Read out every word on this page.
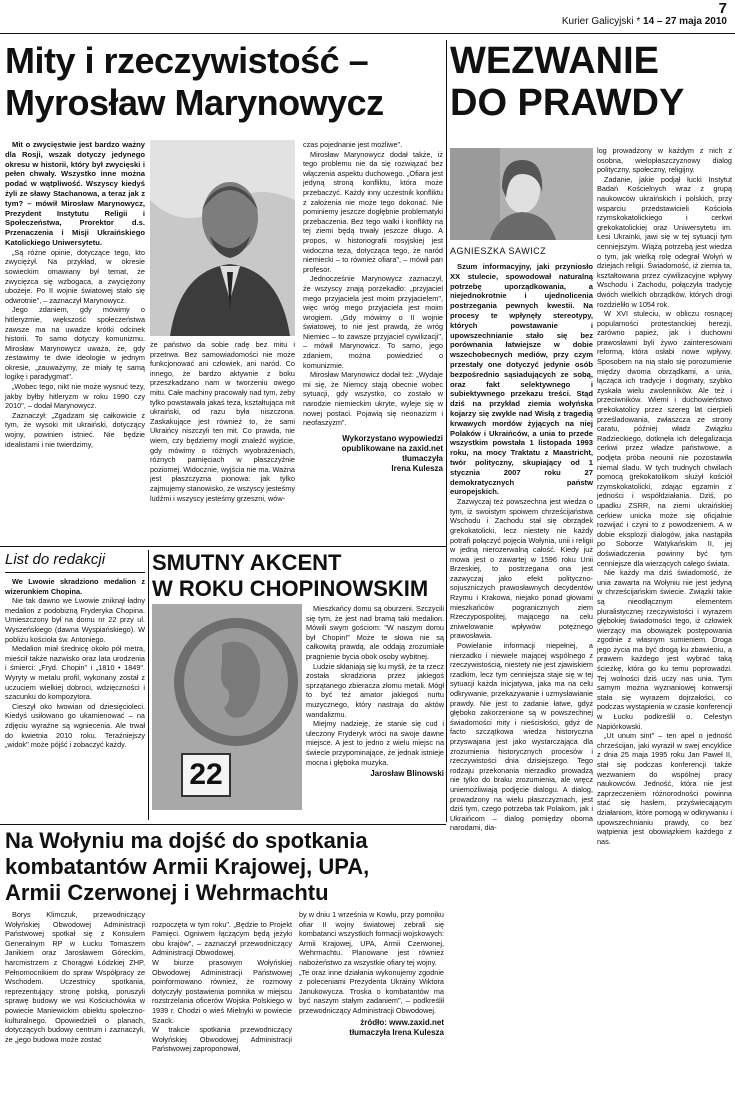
7
Kurier Galicyjski * 14 – 27 maja 2010
Mity i rzeczywistość – Myrosław Marynowycz
Mit o zwycięstwie jest bardzo ważny dla Rosji, wszak dotyczy jedynego okresu w historii, który był zwycięski i pełen chwały. Wszystko inne można podać w wątpliwość. Wszyscy kiedyś żyli ze sławy Stachanowa, a teraz jak z tym? – mówił Mirosław Marynowycz, Prezydent Instytutu Religii i Społeczeństwa, Prorektor d.s. Przenaczenia i Misji Ukraińskiego Katolickiego Uniwersytetu.

„Są różne opinie, dotyczące tego, kto zwyciężył. Na przykład, w okresie sowieckim omawiany był temat, że zwycięzca się wzbogaca, a zwyciężony ubożeje. Po II wojnie światowej stało się odwrotnie", – zaznaczył Marynowycz.

Jego zdaniem, gdy mówimy o hitleryzmie, większość społeczeństwa zawsze ma na uwadze krótki odcinek historii. To samo dotyczy komunizmu. Mirosław Marynowycz uważa, że, gdy zestawimy te dwie ideologie w jednym okresie, „zauważymy, że miały tę samą logikę i paradygmat".

„Wobec tego, nikt nie może wysnuć tezy, jakby byłby hitleryzm w roku 1990 czy 2010", – dodał Marynowycz.

Zaznaczył: „Zgadzam się całkowicie z tym, że wysoki mit ukraiński, dotyczący wojny, powinien istnieć. Nie będzie idealistami i nie twierdzimy,

że państwo da sobie radę bez mitu i przetrwa. Bez samowiadomości nie może funkcjonować ani człowiek, ani naród. Co innego, że bardzo aktywnie z boku przeszkadzano nam w tworzeniu owego mitu. Całe machiny pracowały nad tym, żeby tylko powstawała jakaś teza, kształtująca mit ukraiński, od razu była niszczona. Zaskakujące jest również to, że sami Ukraińcy niszczyli ten mit. Co prawda, nie wiem, czy będziemy mogli znaleźć wyjście, gdy mówimy o różnych wyobrażeniach, różnych pamięciach w płaszczyźnie poziomej. Widocznie, wyjścia nie ma. Ważna jest płaszczyzna pionowa: jak tylko zajmujemy stanowisko, że wszyscy jesteśmy ludźmi i wszyscy jesteśmy grzeszni, wów-

czas pojednanie jest możliwe".

Mirosław Marynowycz dodał także, iż tego problemu nie da się rozwiązać bez włączenia aspektu duchowego. „Ofiara jest jedyną stroną konfliktu, która może przebaczyć. Każdy inny uczestnik konfliktu z założenia nie może tego dokonać. Nie pominiemy jeszcze dogłębnie problematyki przebaczenia. Bez tego walki i konflikty na tej ziemi będą trwały jeszcze długo. A propos, w historiografii rosyjskiej jest widoczna teza, dotycząca tego, że naród niemiecki – to również ofiara", – mówił pan profesor.

Jednocześnie Marynowycz zaznaczył, że wszyscy znają porzekadło: „przyjaciel mego przyjaciela jest moim przyjacielem", więc wróg mego przyjaciela jest moim wrogiem. „Gdy mówimy o II wojnie światowej, to nie jest prawdą, że wróg Niemiec – to zawsze przyjaciel cywilizacji", – mówił Marynowicz. To samo, jego zdaniem, można powiedzieć o komunizmie.

Mirosław Marynowicz dodał też: „Wydaje mi się, że Niemcy stają obecnie wobec sytuacji, gdy wszystko, co zostało w narodzie niemieckim ukryte, wyleje się w nowej postaci. Pojawią się neonazizm i neofaszyzm".

Wykorzystano wypowiedzi
opublikowane na zaxid.net
tłumaczyła
Irena Kulesza
WEZWANIE
DO PRAWDY
AGNIESZKA SAWICZ
Szum informacyjny, jaki przyniosło XX stulecie, spowodował naturalną potrzebę uporządkowania, a niejednokrotnie i ujednolicenia postrzegania pewnych kwestii. Na procesy te wpłynęły stereotypy, których powstawanie i upowszechnianie stało się bez porównania łatwiejsze w dobie wszechobecnych mediów, przy czym przestały one dotyczyć jedynie osób bezpośrednio sąsiadujących ze sobą, oraz fakt selektywnego i subiektywnego przekazu treści. Stąd dziś na przykład ziemia wołyńska kojarzy się zwykle nad Wisłą z tragedią krwawych mordów żyjących na niej Polaków i Ukraińców, a unia to przede wszystkim powstała 1 listopada 1993 roku, na mocy Traktatu z Maastricht, twór polityczny, skupiający od 1 stycznia 2007 roku 27 demokratycznych państw europejskich.

Zazwyczaj też powszechna jest wiedza o tym, iż swoistym spoiwem chrześcijaństwa Wschodu i Zachodu stał się obrządek grekokatolicki, lecz niestety nie każdy potrafi połączyć pojęcia Wołynia, unii i religii w jedną nierozerwalną całość. Kiedy już mowa jest o zawartej w 1596 roku Unii Brzeskiej, to postrzegana ona jest zazwyczaj jako efekt polityczno-sojuszniczych prawosławnych decydentów Rzymu i Krakowa, niejako ponad głowami mieszkańców pogranicznych ziem Rzeczypospolitej, mającego na celu zniwelowanie wpływów potężnego prawosławia.

Powielanie informacji niepełnej, a nierzadko i niewiele mającej wspólnego z rzeczywistością, niestety nie jest zjawiskiem rzadkim, lecz tym cenniejsza staje się w tej sytuacji każda inicjatywa, jaka ma na celu odkrywanie, przekazywanie i uzmysławianie prawdy. Nie jest to zadanie łatwe, gdyż głęboko zakorzenione są w powszechnej świadomości mity i nieścisłości, gdyż de facto szczątkowa wiedza historyczna przyswajana jest jako wystarczająca dla zrozumienia historycznych procesów i rzeczywistości dnia dzisiejszego. Tego rodzaju przekonania nierzadko prowadzą nie tylko do braku zrozumienia, ale wręcz uniemożliwiają podjęcie dialogu. A dialog, prowadzony na wielu płaszczyznach, jest dziś tym, czego potrzeba tak Polakom, jak i Ukraińcom – dialog pomiędzy oboma narodami, dia-

log prowadzony w każdym z nich z osobna, wielopłaszczyznowy dialog polityczny, społeczny, religijny.

Zadanie, jakie podjął łucki Instytut Badań Kościelnych wraz z grupą naukowców ukraińskich i polskich, przy wsparciu przedstawicieli Kościoła rzymskokatolickiego i cerkwi grekokatolickiej oraz Uniwersytetu im. Łesi Ukrainki, jawi się w tej sytuacji tym cenniejszym. Wiążą potrzebą jest wiedza o tym, jak wielką rolę odegrał Wołyń w dziejach religii. Świadomość, iż ziemia ta, kształtowana przez cywilizacyjne wpływy Wschodu i Zachodu, połączyła tradycję dwóch wielkich obrządków, których drogi rozdzieliło w 1054 rok.

W XVI stuleciu, w obliczu rosnącej popularności protestanckiej herezji, zarówno papież, jak i duchowni prawosławni byli żywo zainteresowani reformą, która osłabi nowe wpływy. Sposobem na nią stało się porozumienie między dwoma obrządkami, a unia, łącząca ich tradycje i dogmaty, szybko zyskała wielu zwolenników. Ale też i przeciwników. Wiemi i duchowieństwo grekokatolicy przez szereg lat cierpieli prześladowania, zwłaszcza ze strony caratu, później władz Związku Radzieckiego, dotknęła ich delegalizacja cerkwi przez władze państwowe, a podjęta próba neounii nie pozostawiła niemal śladu. W tych trudnych chwilach pomocą grekokatolikom służył kościół rzymskokatolicki, zdając egzamin z jedności i współdziałania. Dziś, po upadku ZSRR, na ziemi ukraińskiej cerkiew unicka może się oficjalnie rozwijać i czyni to z powodzeniem. A w dobie eksplozji dialogów, jaka nastąpiła po Soborze Watykańskim II, jej doświadczenia powinny być tym cenniejsze dla wierzących całego świata.

Nie każdy ma dziś świadomość, że unia zawarta na Wołyniu nie jest jedyną w chrześcijańskim świecie. Związki takie są nieodłącznym elementem pluralistycznej rzeczywistości i wyrazem głębokiej świadomości tego, iż człowiek wierzący ma obowiązek postępowania zgodnie z własnym sumieniem. Droga jego życia ma być drogą ku zbawieniu, a prawem każdego jest wybrać taką ścieżkę, która go ku temu poprowadzi. Tej wolności dziś uczy nas unia. Tym samym można wyznaniowej konwersji stała się wyrazem dojrzałości, co podczas wystąpienia w czasie konferencji w Łucku podkreślił o. Celestyn Napiórkowski.

„Ut unum sint" – ten apel o jedność chrześcijan, jaki wyraził w swej encyklice z dnia 25 maja 1995 roku Jan Paweł II, stał się podczas konferencji także wezwaniem do wspólnej pracy naukowców. Jedność, która nie jest zaprzeczeniem różnorodności powinna stać się hasłem, przyświecającym działaniom, które pomogą w odkrywaniu i upowszechnianiu prawdy, co bez wątpienia jest obowiązkiem każdego z nas.

List do redakcji
We Lwowie skradziono medalion z wizerunkiem Chopina.

Nie tak dawno we Lwowie zniknął ładny medalion z podobizną Fryderyka Chopina. Umieszczony był na domu nr 22 przy ul. Wyszeńskiego (dawna Wyspiańskiego). W pobliżu kościoła św. Antoniego.

Medalion miał średnicę około pół metra, mieścił także nazwisko oraz lata urodzenia i śmierci: „Fryd. Chopin" i „1810 • 1849". Wyryty w metalu profil, wykonany został z uczuciem wielkiej dobroci, wdzięczności i szacunku do kompozytora.

Cieszył oko lwowian od dziesięcioleci. Kiedyś usiłowano go ukamienować – na zdjęciu wyraźne są wgniecenia. Ale trwał do kwietnia 2010 roku. Teraźniejszy „widok" może pójść i zobaczyć każdy.

SMUTNY AKCENT
W ROKU CHOPINOWSKIM
22

Mieszkańcy domu są oburzeni. Szczycili się tym, że jest nad bramą taki medalion. Mówili swym gościom: "W naszym domu był Chopin!" Może te słowa nie są całkowitą prawdą, ale oddają zrozumiałe pragnienie bycia obok osoby wybitnej.

Ludzie skłaniają się ku myśli, że ta rzecz została skradziona przez jakiegoś sprzątanego zbieracza złomu metali. Mógł to być też amator jakiegoś nurtu muzycznego, który nastraja do aktów wandalizmu.

Miejmy nadzieję, że stanie się cud i uleczony Fryderyk wróci na swoje dawne miejsce. A jest to jedno z wielu miejsc na świecie przypominające, że jednak istnieje mocna i głęboka muzyka.

Jarosław Blinowski
Na Wołyniu ma dojść do spotkania
kombatantów Armii Krajowej, UPA,
Armii Czerwonej i Wehrmachtu

Borys Klimczuk, przewodniczący Wołyńskiej Obwodowej Administracji Państwowej spotkał się z Konsulem Generalnym RP w Łucku Tomaszem Janikiem oraz Jarosławem Góreckim, harcmistrzem z Chorągwi Łódzkiej ZHP, Pełnomocnikiem do spraw Współpracy ze Wschodem. Uczestnicy spotkania, reprezentujący stronę polską, poruszyli sprawę budowy we wsi Kościuchówka w powiecie Maniewickim obiektu społeczno-kulturalnego. Opowiedzieli o planach, dotyczących budowy centrum i zaznaczyli, że „jego budowa może zostać

rozpoczęta w tym roku". „Będzie to Projekt Pamięci. Ogniwem łączącym będą jeżyki obu krajów", – zaznaczył przewodniczący Administracji Obwodowej.
W biurze prasowym Wołyńskiej Obwodowej Administracji Państwowej poinformowano również, że rozmowy dotyczyły postawienia pomnika w miejscu rozstrzelania oficerów Wojska Polskiego w 1939 r. Chodzi o wieś Mielnyki w powiecie Szack.
W trakcie spotkania przewodniczący Wołyńskiej Obwodowej Administracji Państwowej zaproponował,

by w dniu 1 września w Kowlu, przy pomniku ofiar II wojny światowej zebrali się kombatanci wszystkich formacji wojskowych: Armii Krajowej, UPA, Armii Czerwonej, Wehrmachtu. Planowane jest również nabożeństwo za wszystkie ofiary tej wojny.
„Te oraz inne działania wykonujemy zgodnie z poleceniami Prezydenta Ukrainy Wiktora Janukowycza. Troska o kombatantów ma być naszym stałym zadaniem", – podkreślił przewodniczący Administracji Obwodowej.

źródło: www.zaxid.net
tłumaczyła Irena Kulesza
